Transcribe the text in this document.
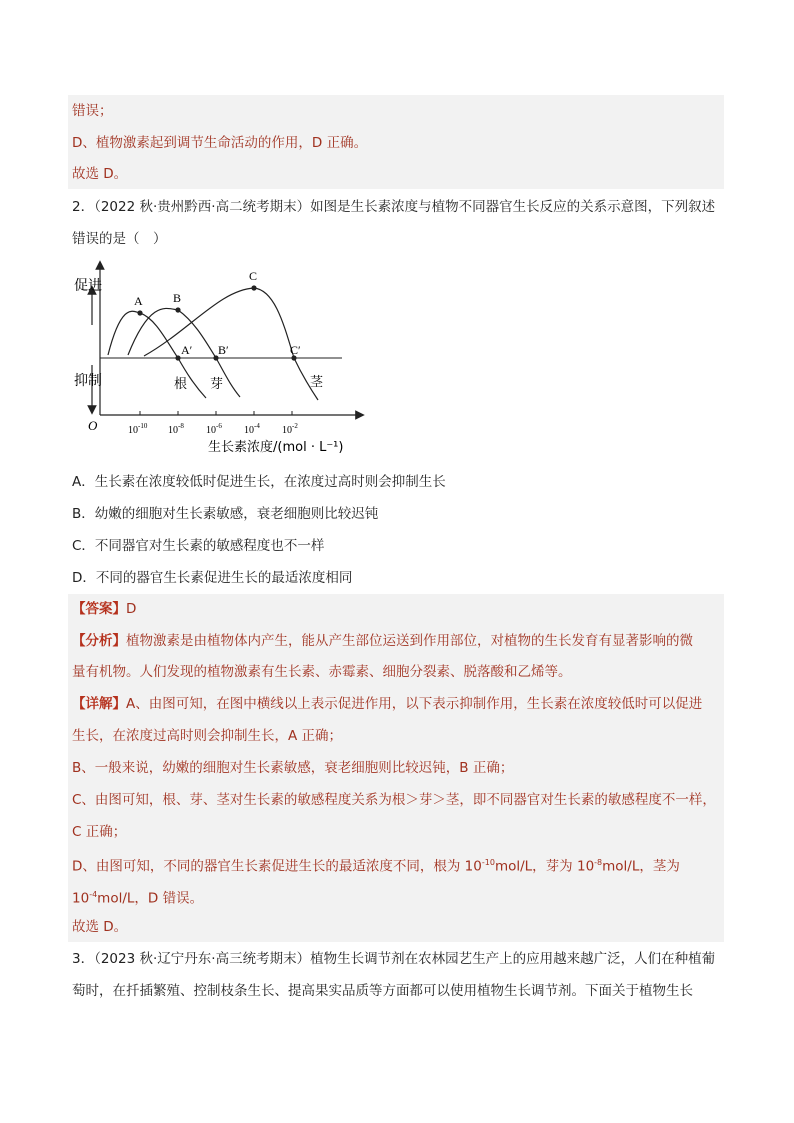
错误；
D、植物激素起到调节生命活动的作用，D 正确。
故选 D。
2．（2022 秋·贵州黔西·高二统考期末）如图是生长素浓度与植物不同器官生长反应的关系示意图，下列叙述
错误的是（　）
促进
抑制
O
A	B
C
A′ B′	C′
根 芽	茎
$10^{-10}$ $10^{-8}$ $10^{-6}$ $10^{-4}$ $10^{-2}$
生长素浓度/(mol · L⁻¹)
A．生长素在浓度较低时促进生长，在浓度过高时则会抑制生长
B．幼嫩的细胞对生长素敏感，衰老细胞则比较迟钝
C．不同器官对生长素的敏感程度也不一样
D．不同的器官生长素促进生长的最适浓度相同
【答案】D
【分析】植物激素是由植物体内产生，能从产生部位运送到作用部位，对植物的生长发育有显著影响的微
量有机物。人们发现的植物激素有生长素、赤霉素、细胞分裂素、脱落酸和乙烯等。
【详解】A、由图可知，在图中横线以上表示促进作用，以下表示抑制作用，生长素在浓度较低时可以促进
生长，在浓度过高时则会抑制生长，A 正确；
B、一般来说，幼嫩的细胞对生长素敏感，衰老细胞则比较迟钝，B 正确；
C、由图可知，根、芽、茎对生长素的敏感程度关系为根＞芽＞茎，即不同器官对生长素的敏感程度不一样，
C 正确；
D、由图可知，不同的器官生长素促进生长的最适浓度不同，根为 $10^{-10}mol/L$，芽为 $10^{-8}mol/L$，茎为
$10^{-4}mol/L$，D 错误。
故选 D。
3．（2023 秋·辽宁丹东·高三统考期末）植物生长调节剂在农林园艺生产上的应用越来越广泛，人们在种植葡
萄时，在扦插繁殖、控制枝条生长、提高果实品质等方面都可以使用植物生长调节剂。下面关于植物生长
